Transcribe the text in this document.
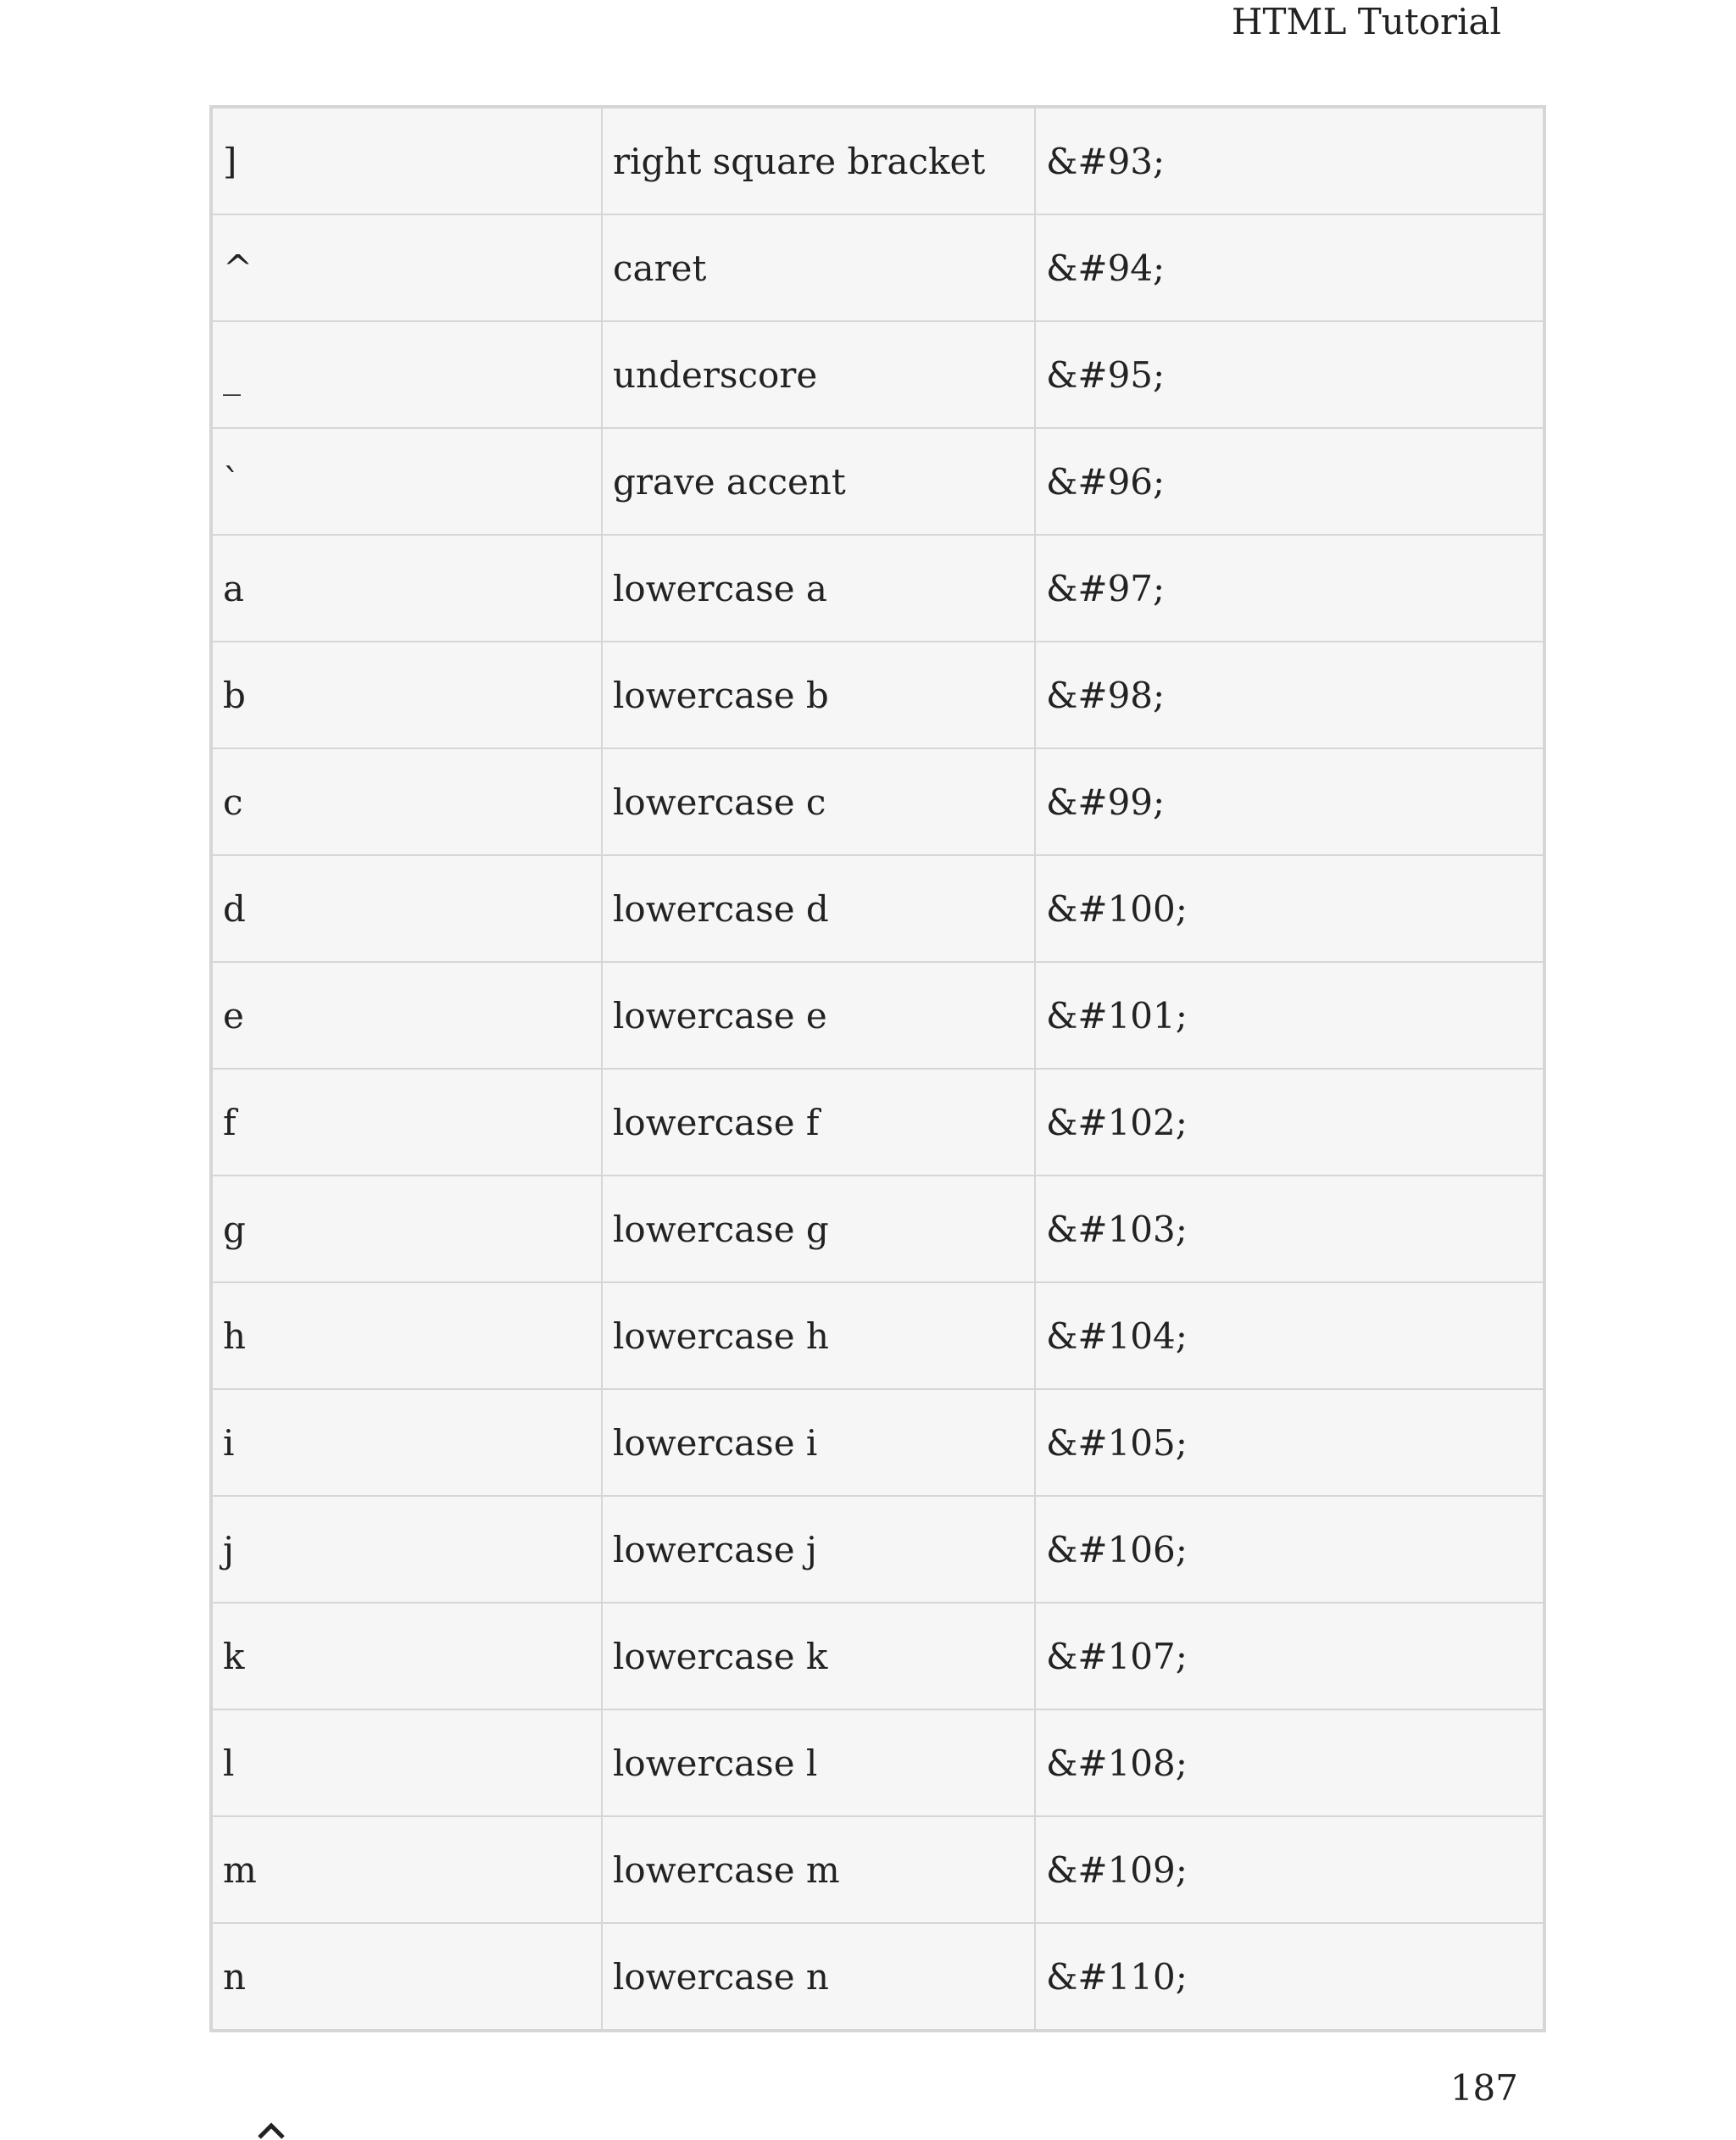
HTML Tutorial
]	right square bracket	&#93;
^	caret	&#94;
_	underscore	&#95;
`	grave accent	&#96;
a	lowercase a	&#97;
b	lowercase b	&#98;
c	lowercase c	&#99;
d	lowercase d	&#100;
e	lowercase e	&#101;
f	lowercase f	&#102;
g	lowercase g	&#103;
h	lowercase h	&#104;
i	lowercase i	&#105;
j	lowercase j	&#106;
k	lowercase k	&#107;
l	lowercase l	&#108;
m	lowercase m	&#109;
n	lowercase n	&#110;
187
